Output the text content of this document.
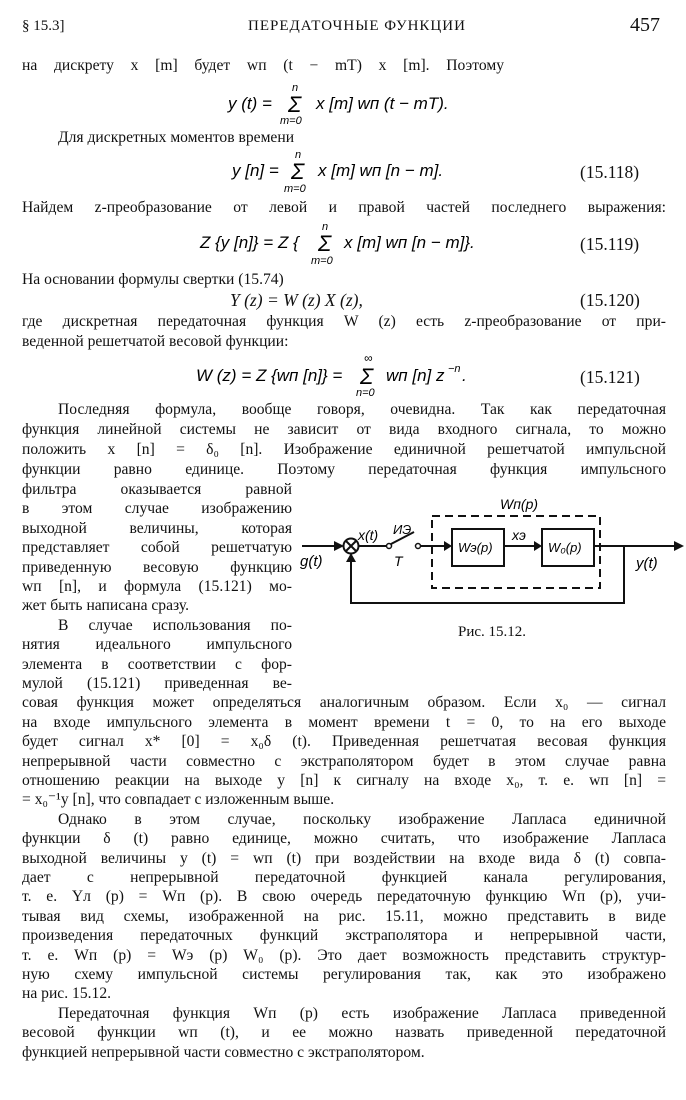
§ 15.3]	ПЕРЕДАТОЧНЫЕ ФУНКЦИИ	457
на дискрету x [m] будет wп (t − mT) x [m]. Поэтому
y (t) =
n
Σ
m=0
x [m] wп (t − mT).
Для дискретных моментов времени
y [n] =
n
Σ
m=0
x [m] wп [n − m].	(15.118)
Найдем z-преобразование от левой и правой частей последнего выражения:
Z {y [n]} = Z {
n
Σ
m=0
x [m] wп [n − m]}.	(15.119)
На основании формулы свертки (15.74)
Y (z) = W (z) X (z),	(15.120)
где дискретная передаточная функция W (z) есть z-преобразование от при-
веденной решетчатой весовой функции:
W (z) = Z {wп [n]} =
∞
Σ
n=0
wп [n] z −n .	(15.121)
Последняя формула, вообще говоря, очевидна. Так как передаточная
функция линейной системы не зависит от вида входного сигнала, то можно
положить x [n] = δ₀ [n]. Изображение единичной решетчатой импульсной
функции равно единице. Поэтому передаточная функция импульсного
фильтра оказывается равной
в этом случае изображению
выходной величины, которая
представляет собой решетчатую
приведенную весовую функцию
wп [n], и формула (15.121) мо-
жет быть написана сразу.
В случае использования по-
нятия идеального импульсного
элемента в соответствии с фор-
мулой (15.121) приведенная ве-
Wп(p)
g(t)
x(t) ИЭ
T
Wэ(p)
xэ
W₀(p)
y(t)
Рис. 15.12.
совая функция может определяться аналогичным образом. Если x₀ — сигнал
на входе импульсного элемента в момент времени t = 0, то на его выходе
будет сигнал x* [0] = x₀δ (t). Приведенная решетчатая весовая функция
непрерывной части совместно с экстраполятором будет в этом случае равна
отношению реакции на выходе y [n] к сигналу на входе x₀, т. е. wп [n] =
= x₀⁻¹y [n], что совпадает с изложенным выше.
Однако в этом случае, поскольку изображение Лапласа единичной
функции δ (t) равно единице, можно считать, что изображение Лапласа
выходной величины y (t) = wп (t) при воздействии на входе вида δ (t) совпа-
дает с непрерывной передаточной функцией канала регулирования,
т. е. Yл (p) = Wп (p). В свою очередь передаточную функцию Wп (p), учи-
тывая вид схемы, изображенной на рис. 15.11, можно представить в виде
произведения передаточных функций экстраполятора и непрерывной части,
т. е. Wп (p) = Wэ (p) W₀ (p). Это дает возможность представить структур-
ную схему импульсной системы регулирования так, как это изображено
на рис. 15.12.
Передаточная функция Wп (p) есть изображение Лапласа приведенной
весовой функции wп (t), и ее можно назвать приведенной передаточной
функцией непрерывной части совместно с экстраполятором.
